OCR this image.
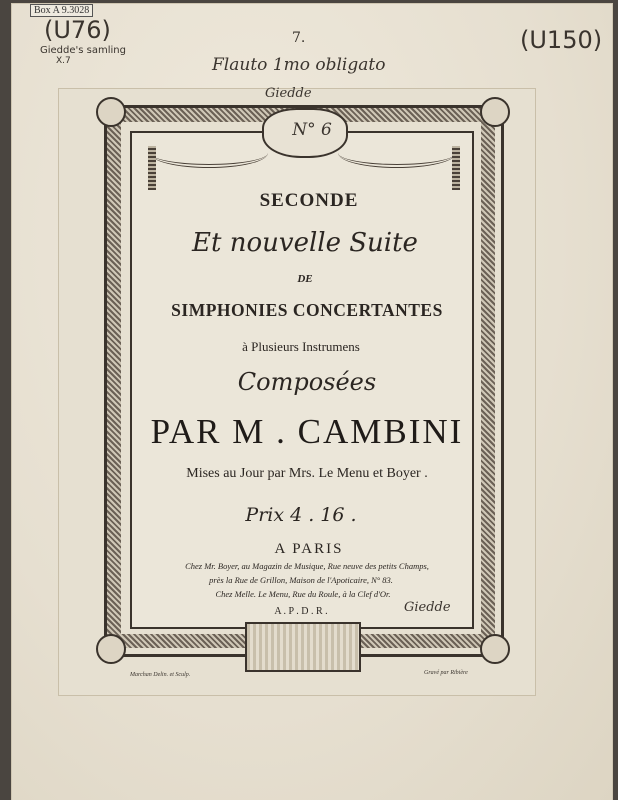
Box A 9.3028
(U76)
Giedde's samling
X.7
7.	(U150)
Flauto 1mo obligato
Giedde
N° 6
SECONDE
Et nouvelle Suite
DE
SIMPHONIES CONCERTANTES
à Plusieurs Instrumens
Composées
PAR M . CAMBINI
Mises au Jour par Mrs. Le Menu et Boyer .
Prix 4 . 16 .
A PARIS
Chez Mr. Boyer, au Magazin de Musique, Rue neuve des petits Champs,
près la Rue de Grillon, Maison de l'Apoticaire, N° 83.
Chez Melle. Le Menu, Rue du Roule, à la Clef d'Or.
A . P . D . R .	Giedde
Marchan Delin. et Sculp.	Gravé par Ribière
